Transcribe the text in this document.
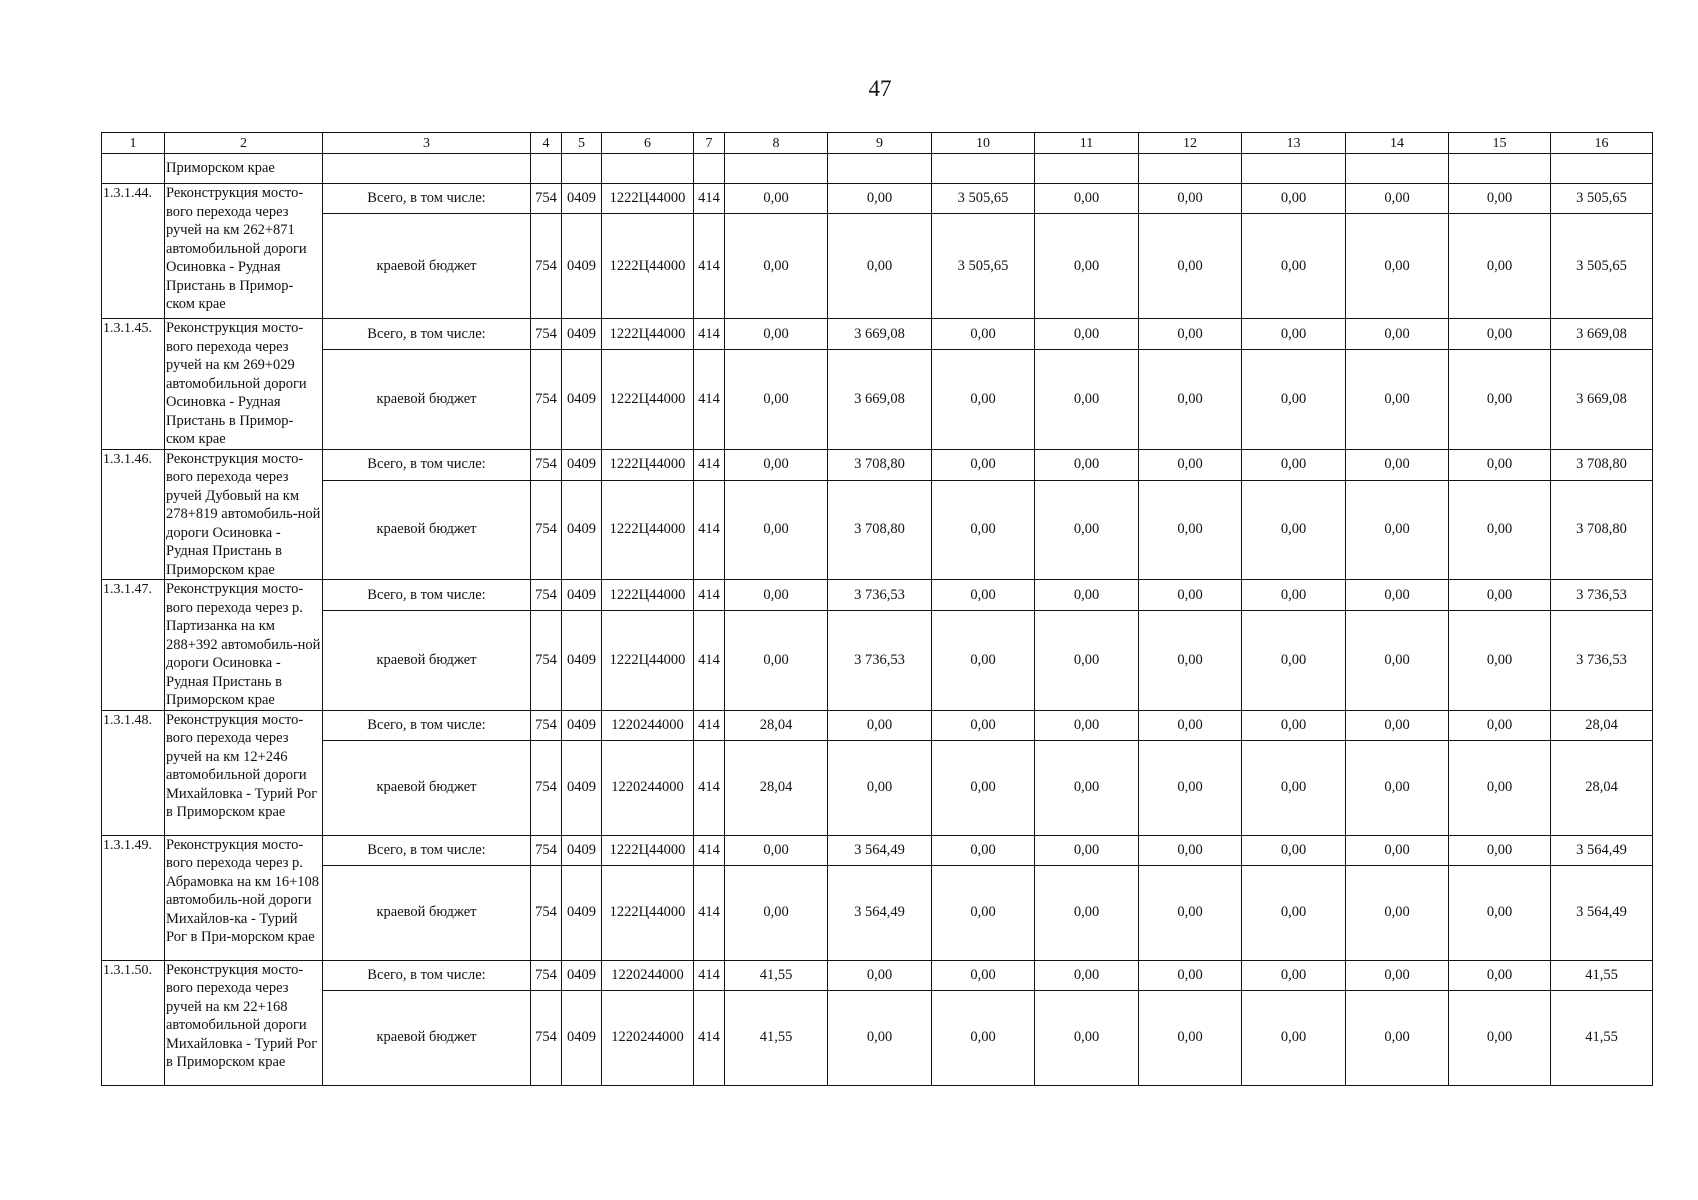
47
1	2	3	4	5	6	7	8	9	10	11	12	13	14	15	16
	Приморском крае														
1.3.1.44.	Реконструкция мосто-вого перехода через ручей на км 262+871 автомобильной дороги Осиновка - Рудная Пристань в Примор-ском крае	Всего, в том числе:	754	0409	1222Ц44000	414	0,00	0,00	3 505,65	0,00	0,00	0,00	0,00	0,00	3 505,65
		краевой бюджет	754	0409	1222Ц44000	414	0,00	0,00	3 505,65	0,00	0,00	0,00	0,00	0,00	3 505,65
1.3.1.45.	Реконструкция мосто-вого перехода через ручей на км 269+029 автомобильной дороги Осиновка - Рудная Пристань в Примор-ском крае	Всего, в том числе:	754	0409	1222Ц44000	414	0,00	3 669,08	0,00	0,00	0,00	0,00	0,00	0,00	3 669,08
		краевой бюджет	754	0409	1222Ц44000	414	0,00	3 669,08	0,00	0,00	0,00	0,00	0,00	0,00	3 669,08
1.3.1.46.	Реконструкция мосто-вого перехода через ручей Дубовый на км 278+819 автомобиль-ной дороги Осиновка - Рудная Пристань в Приморском крае	Всего, в том числе:	754	0409	1222Ц44000	414	0,00	3 708,80	0,00	0,00	0,00	0,00	0,00	0,00	3 708,80
		краевой бюджет	754	0409	1222Ц44000	414	0,00	3 708,80	0,00	0,00	0,00	0,00	0,00	0,00	3 708,80
1.3.1.47.	Реконструкция мосто-вого перехода через р. Партизанка на км 288+392 автомобиль-ной дороги Осиновка - Рудная Пристань в Приморском крае	Всего, в том числе:	754	0409	1222Ц44000	414	0,00	3 736,53	0,00	0,00	0,00	0,00	0,00	0,00	3 736,53
		краевой бюджет	754	0409	1222Ц44000	414	0,00	3 736,53	0,00	0,00	0,00	0,00	0,00	0,00	3 736,53
1.3.1.48.	Реконструкция мосто-вого перехода через ручей на км 12+246 автомобильной дороги Михайловка - Турий Рог в Приморском крае	Всего, в том числе:	754	0409	1220244000	414	28,04	0,00	0,00	0,00	0,00	0,00	0,00	0,00	28,04
		краевой бюджет	754	0409	1220244000	414	28,04	0,00	0,00	0,00	0,00	0,00	0,00	0,00	28,04
1.3.1.49.	Реконструкция мосто-вого перехода через р. Абрамовка на км 16+108 автомобиль-ной дороги Михайлов-ка - Турий Рог в При-морском крае	Всего, в том числе:	754	0409	1222Ц44000	414	0,00	3 564,49	0,00	0,00	0,00	0,00	0,00	0,00	3 564,49
		краевой бюджет	754	0409	1222Ц44000	414	0,00	3 564,49	0,00	0,00	0,00	0,00	0,00	0,00	3 564,49
1.3.1.50.	Реконструкция мосто-вого перехода через ручей на км 22+168 автомобильной дороги Михайловка - Турий Рог в Приморском крае	Всего, в том числе:	754	0409	1220244000	414	41,55	0,00	0,00	0,00	0,00	0,00	0,00	0,00	41,55
		краевой бюджет	754	0409	1220244000	414	41,55	0,00	0,00	0,00	0,00	0,00	0,00	0,00	41,55
